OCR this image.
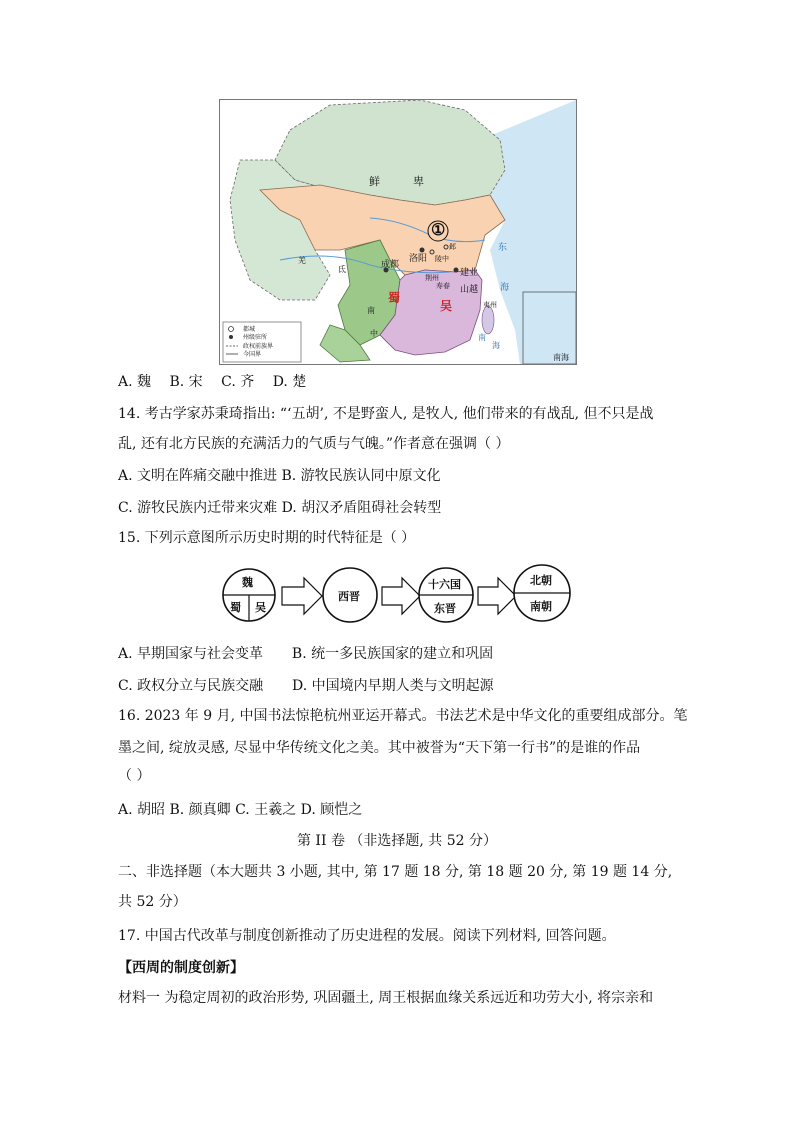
鲜	卑
①
洛阳
邺
陵中
成都
建业
荆州
寿春
蜀
吴
山越
夷州
南
中
东
海
南
海
羌
氐
南海
都城
州级驻所
政权前族界
今国界
A. 魏 B. 宋 C. 齐 D. 楚
14. 考古学家苏秉琦指出: “‘五胡’, 不是野蛮人, 是牧人, 他们带来的有战乱, 但不只是战
乱, 还有北方民族的充满活力的气质与气魄。”作者意在强调（ ）
A. 文明在阵痛交融中推进 B. 游牧民族认同中原文化
C. 游牧民族内迁带来灾难 D. 胡汉矛盾阻碍社会转型
15. 下列示意图所示历史时期的时代特征是（ ）
魏
蜀 吴
西晋
十六国
东晋
北朝
南朝
A. 早期国家与社会变革 B. 统一多民族国家的建立和巩固
C. 政权分立与民族交融 D. 中国境内早期人类与文明起源
16. 2023 年 9 月, 中国书法惊艳杭州亚运开幕式。书法艺术是中华文化的重要组成部分。笔
墨之间, 绽放灵感, 尽显中华传统文化之美。其中被誉为“天下第一行书”的是谁的作品
（ ）
A. 胡昭 B. 颜真卿 C. 王羲之 D. 顾恺之
第 II 卷 （非选择题, 共 52 分）
二、非选择题（本大题共 3 小题, 其中, 第 17 题 18 分, 第 18 题 20 分, 第 19 题 14 分,
共 52 分）
17. 中国古代改革与制度创新推动了历史进程的发展。阅读下列材料, 回答问题。
【西周的制度创新】
材料一 为稳定周初的政治形势, 巩固疆土, 周王根据血缘关系远近和功劳大小, 将宗亲和
